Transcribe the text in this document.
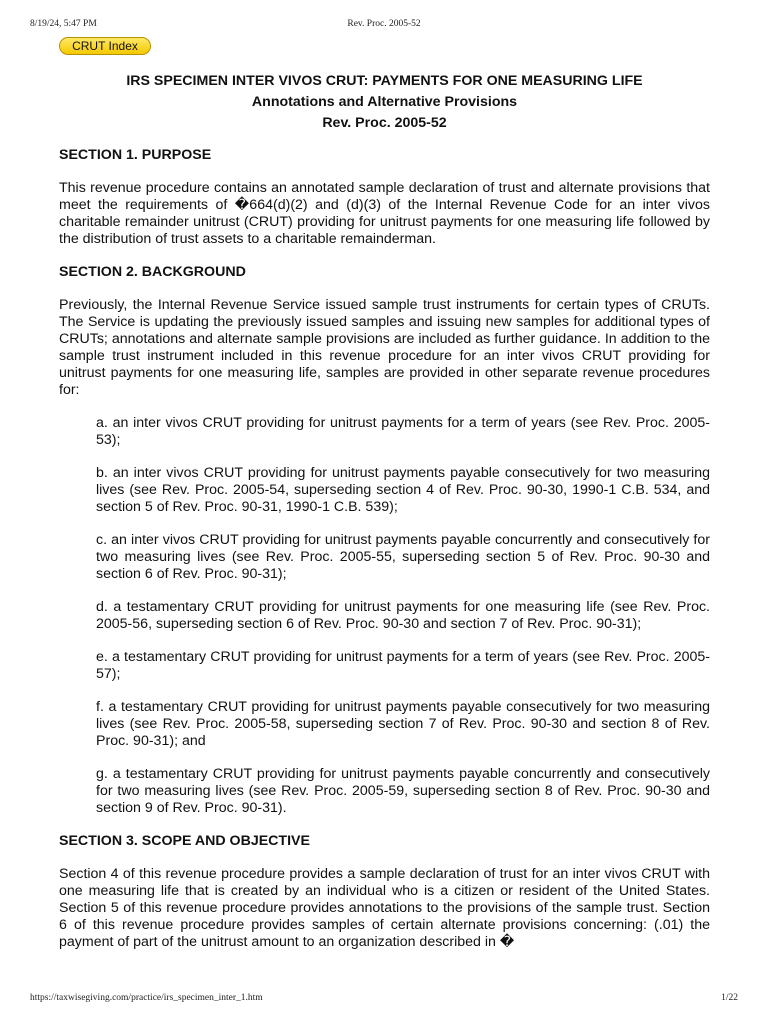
8/19/24, 5:47 PM	Rev. Proc. 2005-52
CRUT Index
IRS SPECIMEN INTER VIVOS CRUT: PAYMENTS FOR ONE MEASURING LIFE
Annotations and Alternative Provisions
Rev. Proc. 2005-52
SECTION 1. PURPOSE

This revenue procedure contains an annotated sample declaration of trust and alternate provisions that meet the requirements of �664(d)(2) and (d)(3) of the Internal Revenue Code for an inter vivos charitable remainder unitrust (CRUT) providing for unitrust payments for one measuring life followed by the distribution of trust assets to a charitable remainderman.

SECTION 2. BACKGROUND

Previously, the Internal Revenue Service issued sample trust instruments for certain types of CRUTs. The Service is updating the previously issued samples and issuing new samples for additional types of CRUTs; annotations and alternate sample provisions are included as further guidance. In addition to the sample trust instrument included in this revenue procedure for an inter vivos CRUT providing for unitrust payments for one measuring life, samples are provided in other separate revenue procedures for:

a. an inter vivos CRUT providing for unitrust payments for a term of years (see Rev. Proc. 2005-53);
b. an inter vivos CRUT providing for unitrust payments payable consecutively for two measuring lives (see Rev. Proc. 2005-54, superseding section 4 of Rev. Proc. 90-30, 1990-1 C.B. 534, and section 5 of Rev. Proc. 90-31, 1990-1 C.B. 539);
c. an inter vivos CRUT providing for unitrust payments payable concurrently and consecutively for two measuring lives (see Rev. Proc. 2005-55, superseding section 5 of Rev. Proc. 90-30 and section 6 of Rev. Proc. 90-31);
d. a testamentary CRUT providing for unitrust payments for one measuring life (see Rev. Proc. 2005-56, superseding section 6 of Rev. Proc. 90-30 and section 7 of Rev. Proc. 90-31);
e. a testamentary CRUT providing for unitrust payments for a term of years (see Rev. Proc. 2005-57);
f. a testamentary CRUT providing for unitrust payments payable consecutively for two measuring lives (see Rev. Proc. 2005-58, superseding section 7 of Rev. Proc. 90-30 and section 8 of Rev. Proc. 90-31); and
g. a testamentary CRUT providing for unitrust payments payable concurrently and consecutively for two measuring lives (see Rev. Proc. 2005-59, superseding section 8 of Rev. Proc. 90-30 and section 9 of Rev. Proc. 90-31).
SECTION 3. SCOPE AND OBJECTIVE

Section 4 of this revenue procedure provides a sample declaration of trust for an inter vivos CRUT with one measuring life that is created by an individual who is a citizen or resident of the United States. Section 5 of this revenue procedure provides annotations to the provisions of the sample trust. Section 6 of this revenue procedure provides samples of certain alternate provisions concerning: (.01) the payment of part of the unitrust amount to an organization described in �

https://taxwisegiving.com/practice/irs_specimen_inter_1.htm	1/22
